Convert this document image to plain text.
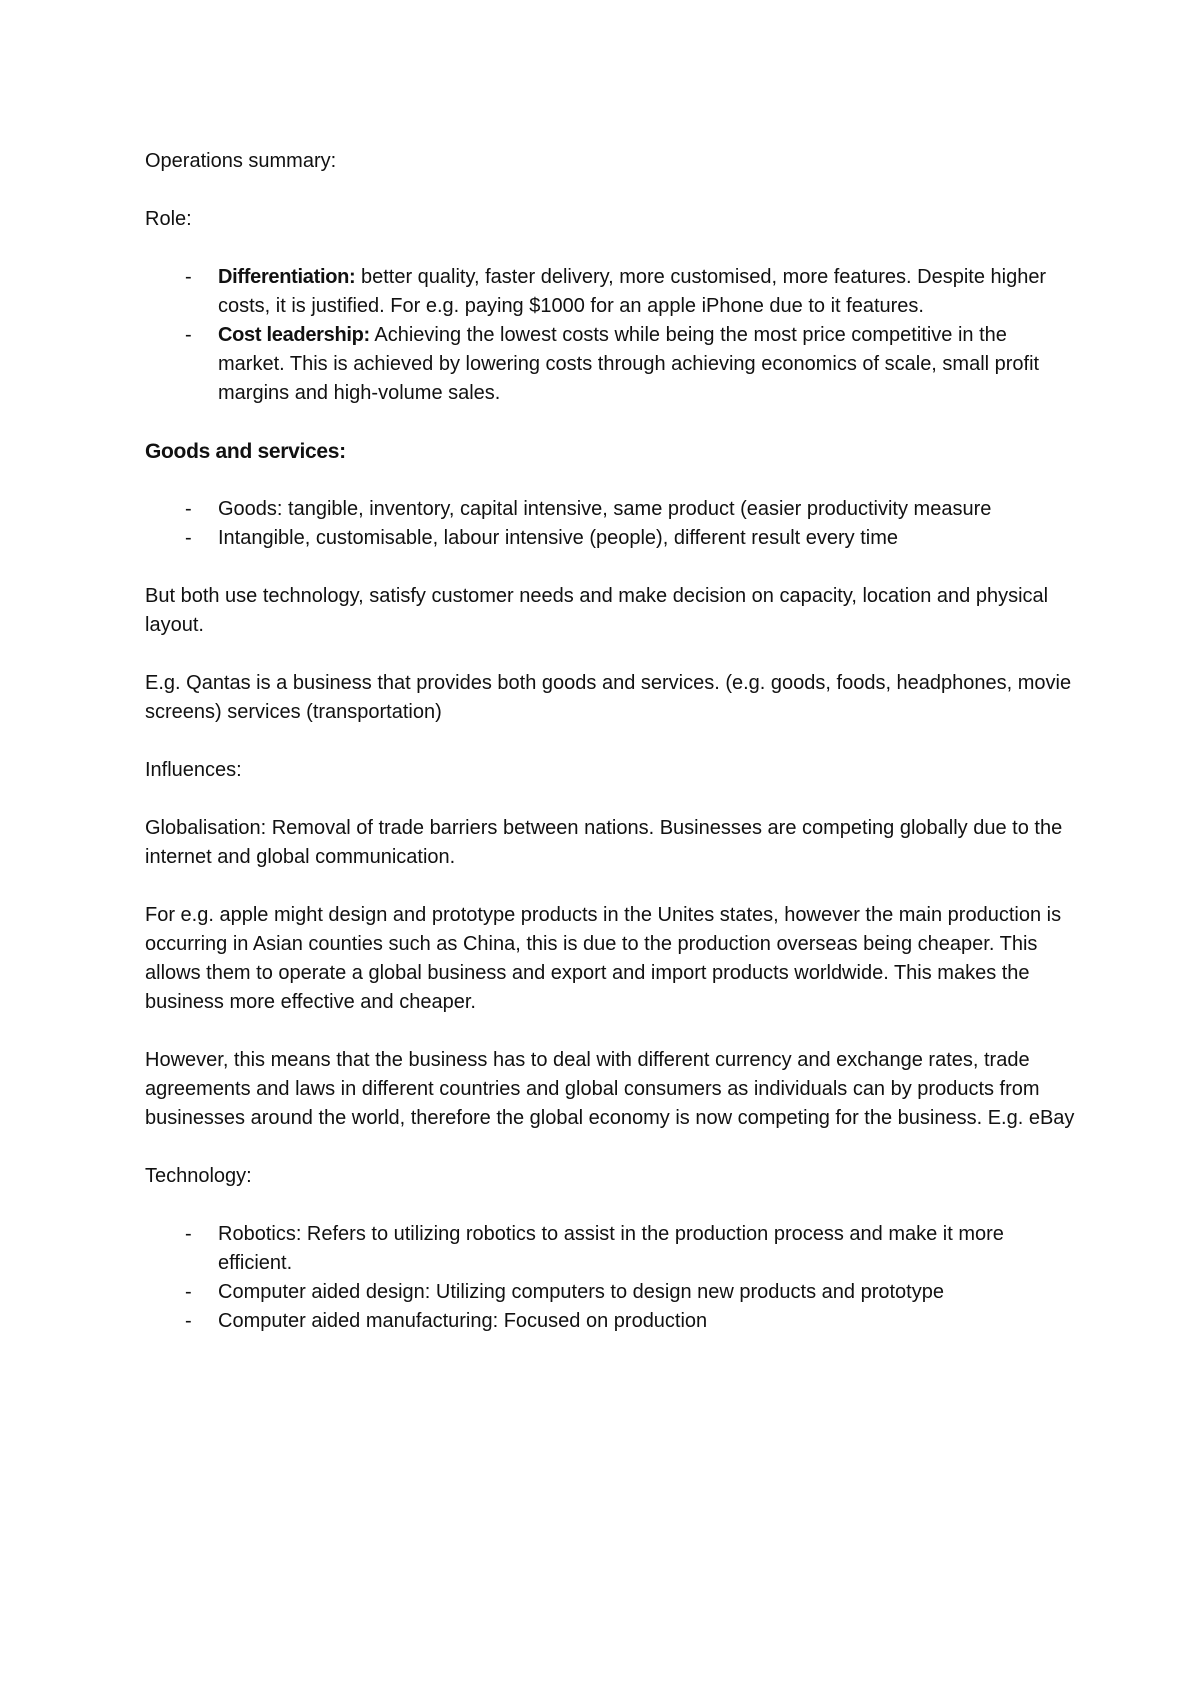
Operations summary:

Role:

- Differentiation: better quality, faster delivery, more customised, more features. Despite higher costs, it is justified. For e.g. paying $1000 for an apple iPhone due to it features.
- Cost leadership: Achieving the lowest costs while being the most price competitive in the market. This is achieved by lowering costs through achieving economics of scale, small profit margins and high-volume sales.

Goods and services:

- Goods: tangible, inventory, capital intensive, same product (easier productivity measure
- Intangible, customisable, labour intensive (people), different result every time

But both use technology, satisfy customer needs and make decision on capacity, location and physical layout.

E.g. Qantas is a business that provides both goods and services. (e.g. goods, foods, headphones, movie screens) services (transportation)

Influences:

Globalisation: Removal of trade barriers between nations. Businesses are competing globally due to the internet and global communication.

For e.g. apple might design and prototype products in the Unites states, however the main production is occurring in Asian counties such as China, this is due to the production overseas being cheaper. This allows them to operate a global business and export and import products worldwide. This makes the business more effective and cheaper.

However, this means that the business has to deal with different currency and exchange rates, trade agreements and laws in different countries and global consumers as individuals can by products from businesses around the world, therefore the global economy is now competing for the business. E.g. eBay

Technology:

- Robotics: Refers to utilizing robotics to assist in the production process and make it more efficient.
- Computer aided design: Utilizing computers to design new products and prototype
- Computer aided manufacturing: Focused on production
